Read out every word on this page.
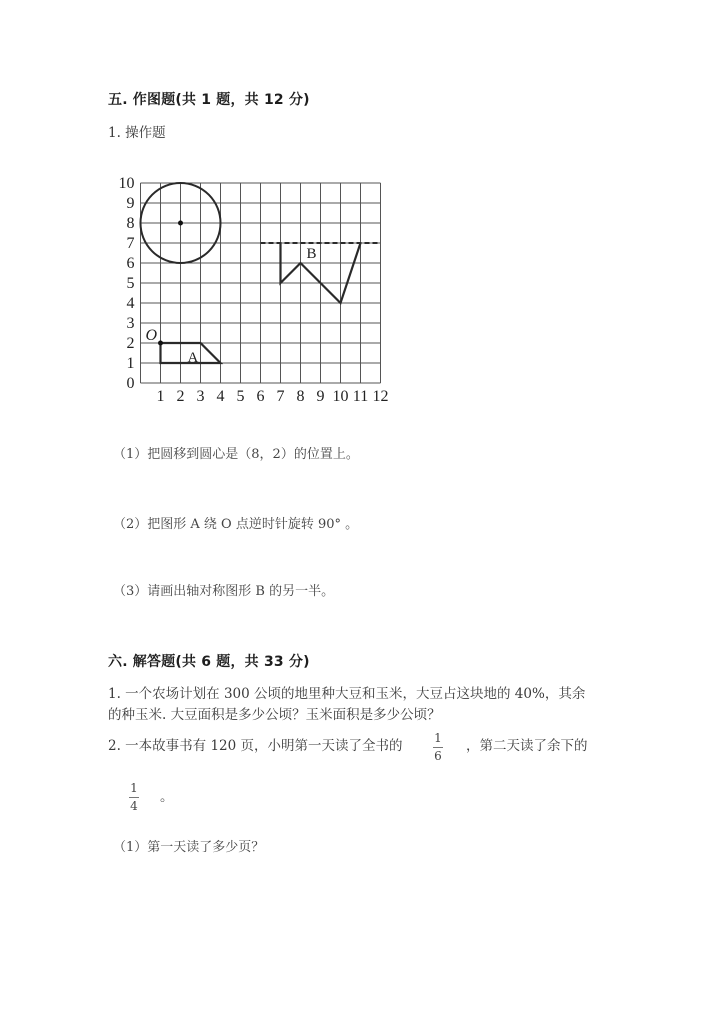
五. 作图题(共 1 题，共 12 分)
1. 操作题
0
1
2
3
4
5
6
7
8
9
10
1 2 3 4 5 6 7 8 9 10 11 12
A
O
B
（1）把圆移到圆心是（8，2）的位置上。
（2）把图形 A 绕 O 点逆时针旋转 90° 。
（3）请画出轴对称图形 B 的另一半。
六. 解答题(共 6 题，共 33 分)
1. 一个农场计划在 300 公顷的地里种大豆和玉米，大豆占这块地的 40%，其余
的种玉米. 大豆面积是多少公顷？玉米面积是多少公顷？
2. 一本故事书有 120 页，小明第一天读了全书的	1
6
，第二天读了余下的
1
4
。
（1）第一天读了多少页？
